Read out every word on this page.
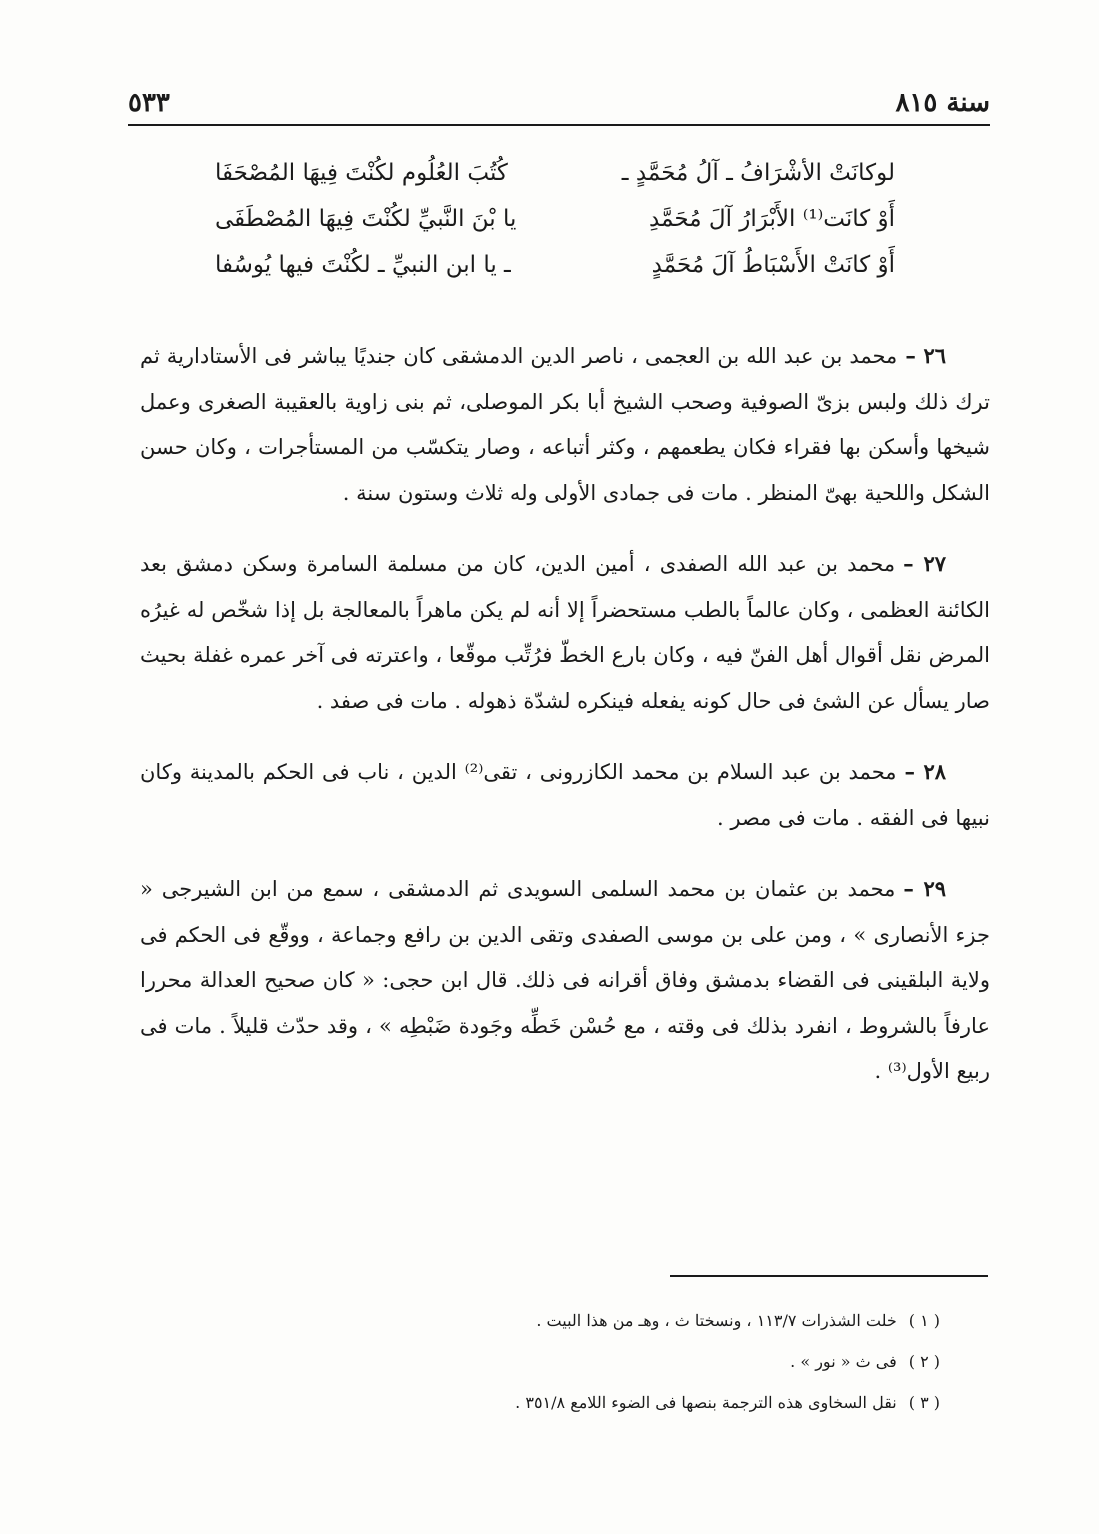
سنة ٨١٥
٥٣٣
لوكانَتْ الأشْرَافُ ـ آلُ مُحَمَّدٍ ـ
كُتُبَ العُلُوم لكُنْتَ فِيهَا المُصْحَفَا
أَوْ كانَت⁽¹⁾ الأَبْرَارُ آلَ مُحَمَّدِ
يا بْنَ النَّبيِّ لكُنْتَ فِيهَا المُصْطَفَى
أَوْ كانَتْ الأَسْبَاطُ آلَ مُحَمَّدٍ
ـ يا ابن النبيِّ ـ لكُنْتَ فيها يُوسُفا

٢٦ –محمد بن عبد الله بن العجمى ، ناصر الدين الدمشقى كان جنديًا يباشر فى الأستادارية ثم ترك ذلك ولبس بزىّ الصوفية وصحب الشيخ أبا بكر الموصلى، ثم بنى زاوية بالعقيبة الصغرى وعمل شيخها وأسكن بها فقراء فكان يطعمهم ، وكثر أتباعه ، وصار يتكسّب من المستأجرات ، وكان حسن الشكل واللحية بهىّ المنظر . مات فى جمادى الأولى وله ثلاث وستون سنة .

٢٧ –محمد بن عبد الله الصفدى ، أمين الدين، كان من مسلمة السامرة وسكن دمشق بعد الكائنة العظمى ، وكان عالماً بالطب مستحضراً إلا أنه لم يكن ماهراً بالمعالجة بل إذا شخّص له غيرُه المرض نقل أقوال أهل الفنّ فيه ، وكان بارع الخطّ فرُتِّب موقّعا ، واعترته فى آخر عمره غفلة بحيث صار يسأل عن الشئ فى حال كونه يفعله فينكره لشدّة ذهوله . مات فى صفد .

٢٨ –محمد بن عبد السلام بن محمد الكازرونى ، تقى⁽²⁾ الدين ، ناب فى الحكم بالمدينة وكان نبيها فى الفقه . مات فى مصر .

٢٩ –محمد بن عثمان بن محمد السلمى السويدى ثم الدمشقى ، سمع من ابن الشيرجى « جزء الأنصارى » ، ومن على بن موسى الصفدى وتقى الدين بن رافع وجماعة ، ووقّع فى الحكم فى ولاية البلقينى فى القضاء بدمشق وفاق أقرانه فى ذلك. قال ابن حجى: « كان صحيح العدالة محررا عارفاً بالشروط ، انفرد بذلك فى وقته ، مع حُسْن خَطِّه وجَودة ضَبْطِه » ، وقد حدّث قليلاً . مات فى ربيع الأول⁽³⁾ .

( ١ )خلت الشذرات ١١٣/٧ ، ونسختا ث ، وهـ من هذا البيت .
( ٢ )فى ث « نور » .
( ٣ )نقل السخاوى هذه الترجمة بنصها فى الضوء اللامع ٣٥١/٨ .
